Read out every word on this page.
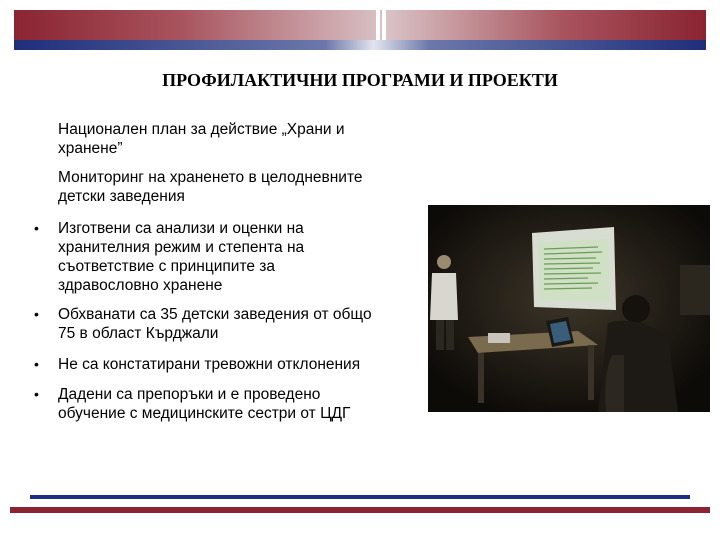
ПРОФИЛАКТИЧНИ ПРОГРАМИ И ПРОЕКТИ
Национален план за действие „Храни и
хранене”
Мониторинг на храненето в целодневните
детски заведения
• Изготвени са анализи и оценки на
хранителния режим и степента на
съответствие с принципите за
здравословно хранене
• Обхванати са 35 детски заведения от общо
75 в област Кърджали
• Не са констатирани тревожни отклонения
• Дадени са препоръки и е проведено
обучение с медицинските сестри от ЦДГ
